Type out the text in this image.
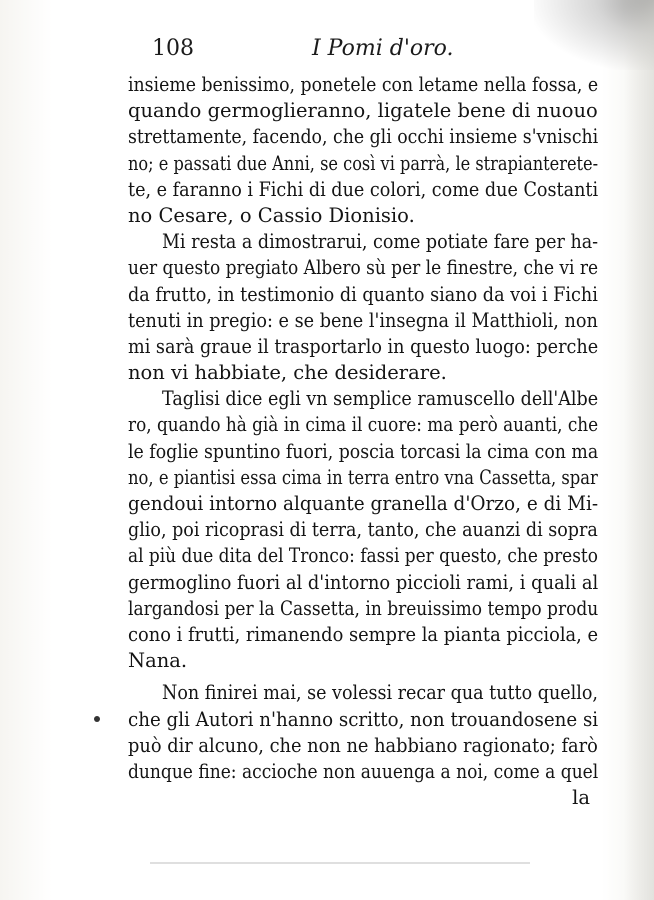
108	I Pomi d'oro.
insieme benissimo, ponetele con letame nella fossa, e
quando germoglieranno, ligatele bene di nuouo
strettamente, facendo, che gli occhi insieme s'vnischi
no; e passati due Anni, se così vi parrà, le strapianterete-
te, e faranno i Fichi di due colori, come due Costanti
no Cesare, o Cassio Dionisio.
Mi resta a dimostrarui, come potiate fare per ha-
uer questo pregiato Albero sù per le finestre, che vi re
da frutto, in testimonio di quanto siano da voi i Fichi
tenuti in pregio: e se bene l'insegna il Matthioli, non
mi sarà graue il trasportarlo in questo luogo: perche
non vi habbiate, che desiderare.
Taglisi dice egli vn semplice ramuscello dell'Albe
ro, quando hà già in cima il cuore: ma però auanti, che
le foglie spuntino fuori, poscia torcasi la cima con ma
no, e piantisi essa cima in terra entro vna Cassetta, spar
gendoui intorno alquante granella d'Orzo, e di Mi-
glio, poi ricoprasi di terra, tanto, che auanzi di sopra
al più due dita del Tronco: fassi per questo, che presto
germoglino fuori al d'intorno piccioli rami, i quali al
largandosi per la Cassetta, in breuissimo tempo produ
cono i frutti, rimanendo sempre la pianta picciola, e
Nana.
Non finirei mai, se volessi recar qua tutto quello,
che gli Autori n'hanno scritto, non trouandosene si
può dir alcuno, che non ne habbiano ragionato; farò
dunque fine: accioche non auuenga a noi, come a quel
la
